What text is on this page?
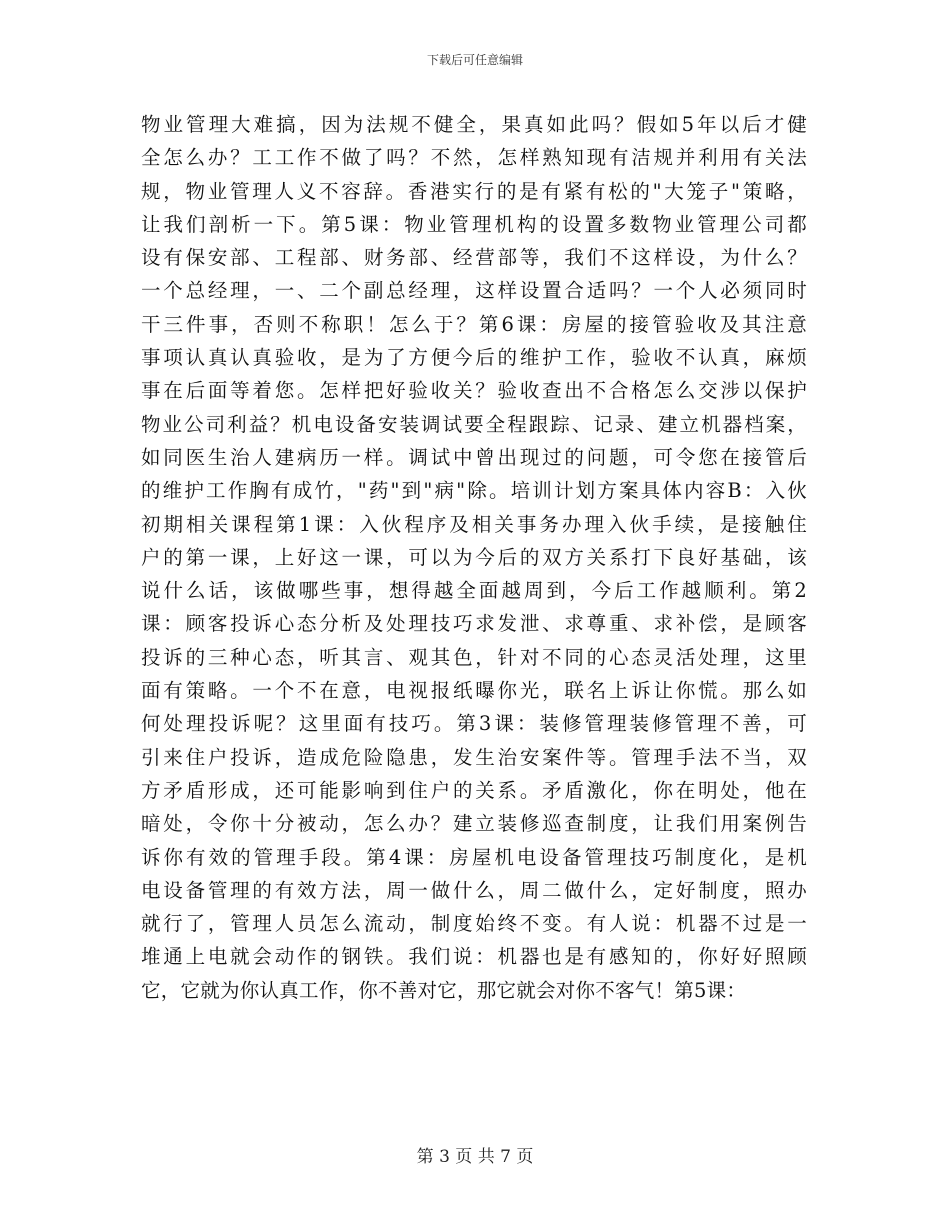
下载后可任意编辑
物业管理大难搞，因为法规不健全，果真如此吗？假如5年以后才健
全怎么办？工工作不做了吗？不然，怎样熟知现有洁规并利用有关法
规，物业管理人义不容辞。香港实行的是有紧有松的"大笼子"策略，
让我们剖析一下。第5课：物业管理机构的设置多数物业管理公司都
设有保安部、工程部、财务部、经营部等，我们不这样设，为什么？
一个总经理，一、二个副总经理，这样设置合适吗？一个人必须同时
干三件事，否则不称职！怎么于？第6课：房屋的接管验收及其注意
事项认真认真验收，是为了方便今后的维护工作，验收不认真，麻烦
事在后面等着您。怎样把好验收关？验收查出不合格怎么交涉以保护
物业公司利益？机电设备安装调试要全程跟踪、记录、建立机器档案，
如同医生治人建病历一样。调试中曾出现过的问题，可令您在接管后
的维护工作胸有成竹，"药"到"病"除。培训计划方案具体内容B：入伙
初期相关课程第1课：入伙程序及相关事务办理入伙手续，是接触住
户的第一课，上好这一课，可以为今后的双方关系打下良好基础，该
说什么话，该做哪些事，想得越全面越周到，今后工作越顺利。第2
课：顾客投诉心态分析及处理技巧求发泄、求尊重、求补偿，是顾客
投诉的三种心态，听其言、观其色，针对不同的心态灵活处理，这里
面有策略。一个不在意，电视报纸曝你光，联名上诉让你慌。那么如
何处理投诉呢？这里面有技巧。第3课：装修管理装修管理不善，可
引来住户投诉，造成危险隐患，发生治安案件等。管理手法不当，双
方矛盾形成，还可能影响到住户的关系。矛盾激化，你在明处，他在
暗处，令你十分被动，怎么办？建立装修巡查制度，让我们用案例告
诉你有效的管理手段。第4课：房屋机电设备管理技巧制度化，是机
电设备管理的有效方法，周一做什么，周二做什么，定好制度，照办
就行了，管理人员怎么流动，制度始终不变。有人说：机器不过是一
堆通上电就会动作的钢铁。我们说：机器也是有感知的，你好好照顾
它，它就为你认真工作，你不善对它，那它就会对你不客气！第5课：
第 3 页 共 7 页
